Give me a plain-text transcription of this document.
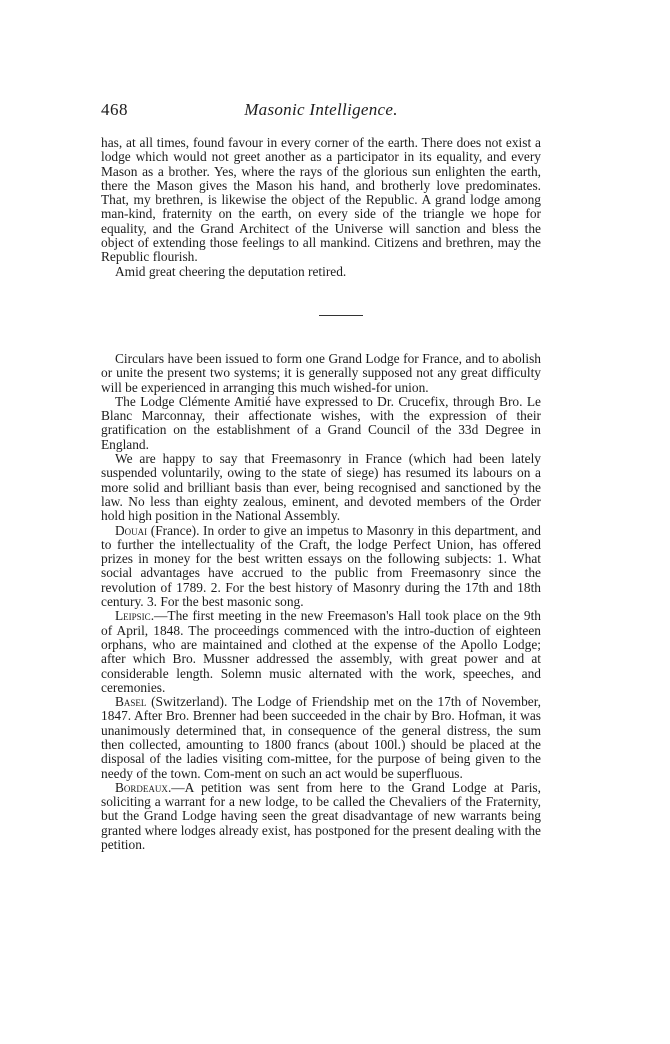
468	Masonic Intelligence.

has, at all times, found favour in every corner of the earth. There does not exist a lodge which would not greet another as a participator in its equality, and every Mason as a brother. Yes, where the rays of the glorious sun enlighten the earth, there the Mason gives the Mason his hand, and brotherly love predominates. That, my brethren, is likewise the object of the Republic. A grand lodge among man-kind, fraternity on the earth, on every side of the triangle we hope for equality, and the Grand Architect of the Universe will sanction and bless the object of extending those feelings to all mankind. Citizens and brethren, may the Republic flourish.

Amid great cheering the deputation retired.

Circulars have been issued to form one Grand Lodge for France, and to abolish or unite the present two systems; it is generally supposed not any great difficulty will be experienced in arranging this much wished-for union.

The Lodge Clémente Amitié have expressed to Dr. Crucefix, through Bro. Le Blanc Marconnay, their affectionate wishes, with the expression of their gratification on the establishment of a Grand Council of the 33d Degree in England.

We are happy to say that Freemasonry in France (which had been lately suspended voluntarily, owing to the state of siege) has resumed its labours on a more solid and brilliant basis than ever, being recognised and sanctioned by the law. No less than eighty zealous, eminent, and devoted members of the Order hold high position in the National Assembly.

Douai (France). In order to give an impetus to Masonry in this department, and to further the intellectuality of the Craft, the lodge Perfect Union, has offered prizes in money for the best written essays on the following subjects: 1. What social advantages have accrued to the public from Freemasonry since the revolution of 1789. 2. For the best history of Masonry during the 17th and 18th century. 3. For the best masonic song.

Leipsic.—The first meeting in the new Freemason's Hall took place on the 9th of April, 1848. The proceedings commenced with the intro-duction of eighteen orphans, who are maintained and clothed at the expense of the Apollo Lodge; after which Bro. Mussner addressed the assembly, with great power and at considerable length. Solemn music alternated with the work, speeches, and ceremonies.

Basel (Switzerland). The Lodge of Friendship met on the 17th of November, 1847. After Bro. Brenner had been succeeded in the chair by Bro. Hofman, it was unanimously determined that, in consequence of the general distress, the sum then collected, amounting to 1800 francs (about 100l.) should be placed at the disposal of the ladies visiting com-mittee, for the purpose of being given to the needy of the town. Com-ment on such an act would be superfluous.

Bordeaux.—A petition was sent from here to the Grand Lodge at Paris, soliciting a warrant for a new lodge, to be called the Chevaliers of the Fraternity, but the Grand Lodge having seen the great disadvantage of new warrants being granted where lodges already exist, has postponed for the present dealing with the petition.
